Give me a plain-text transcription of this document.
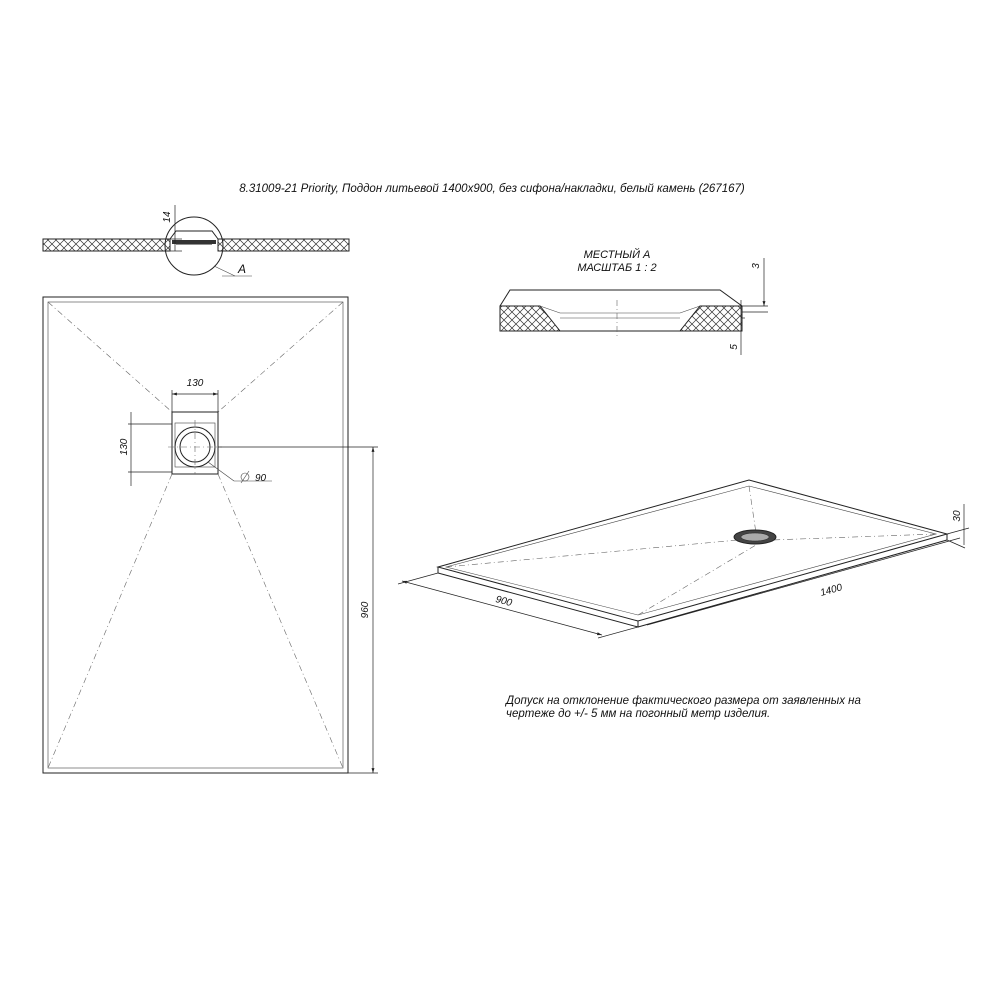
8.31009-21 Priority, Поддон литьевой 1400x900, без сифона/накладки, белый камень (267167)
A
14
130
130
90
960
МЕСТНЫЙ А
МАСШТАБ 1 : 2	3
5
900
1400
30
Допуск на отклонение фактического размера от заявленных на
чертеже до +/- 5 мм на погонный метр изделия.
